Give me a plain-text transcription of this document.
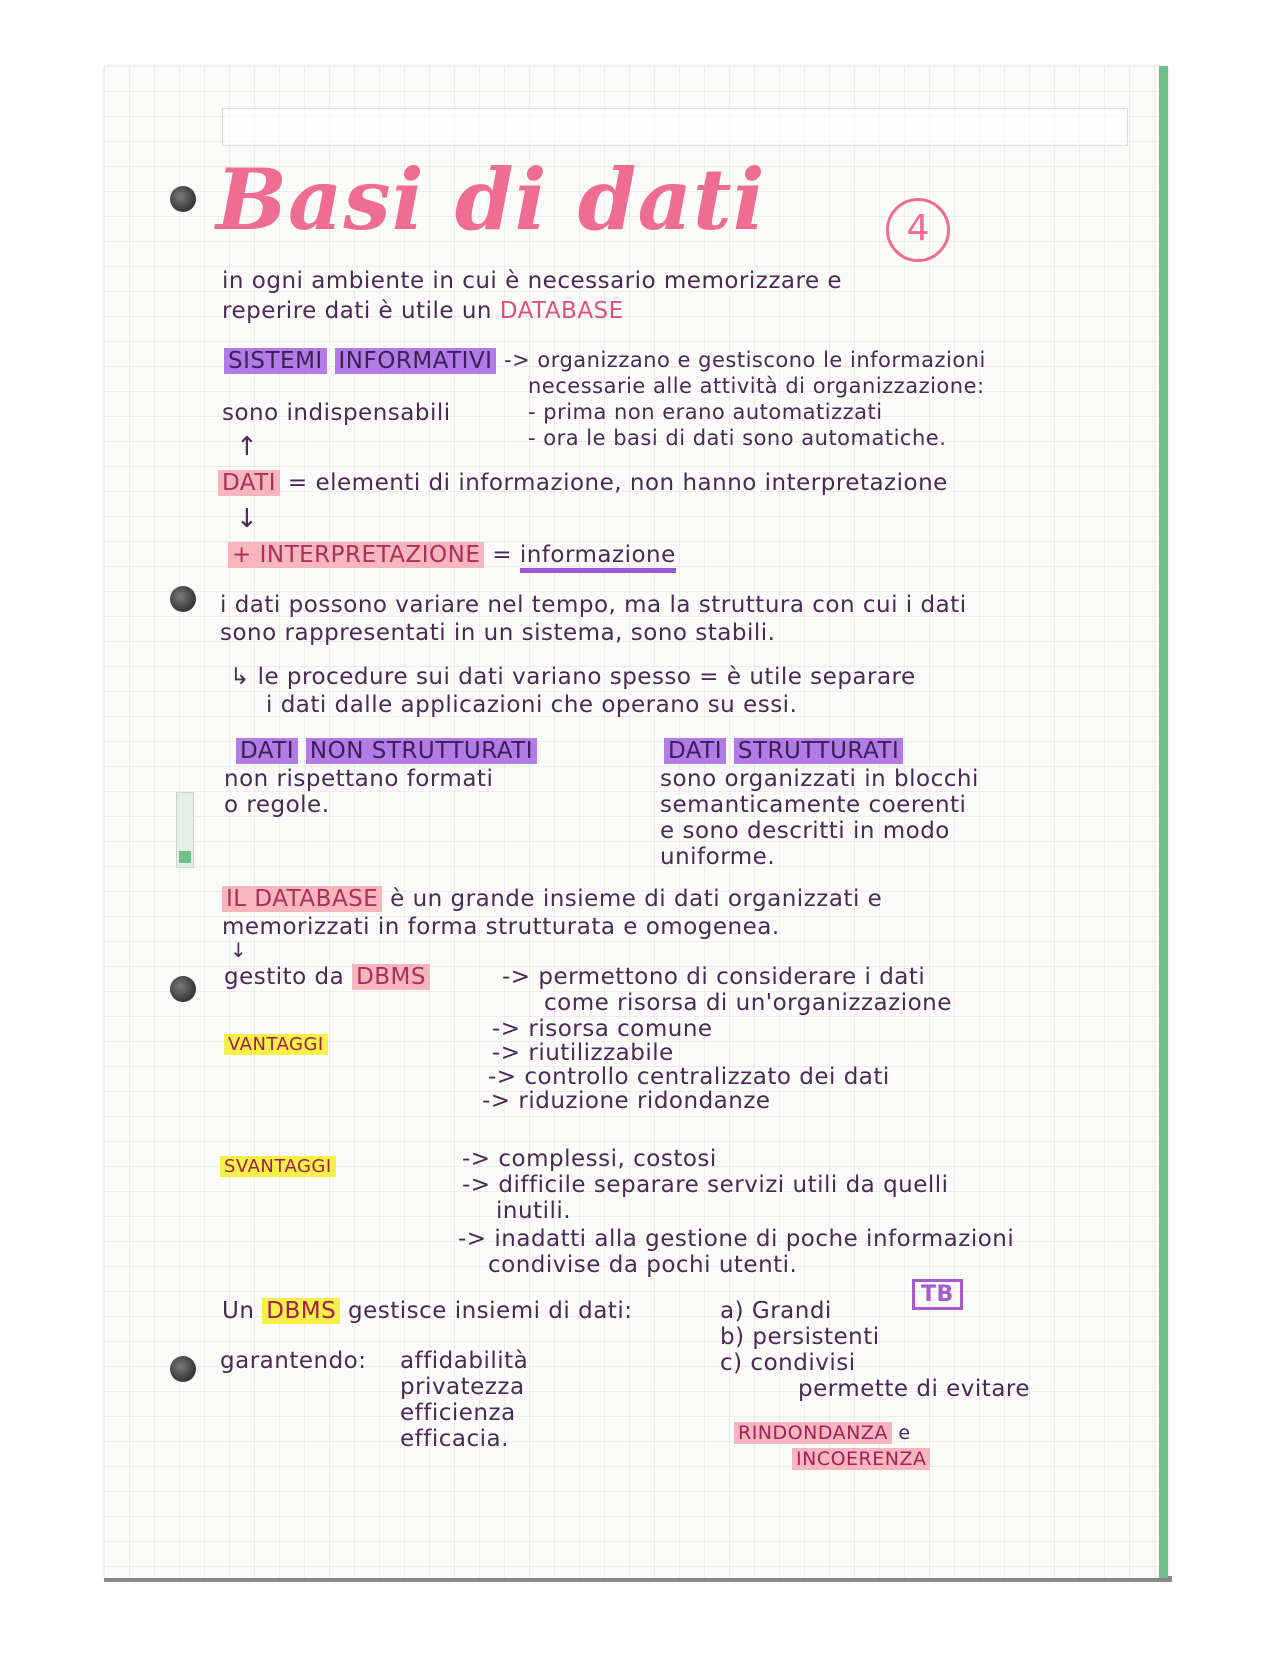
Basi di dati	4
in ogni ambiente in cui è necessario memorizzare e
reperire dati è utile un DATABASE
SISTEMI INFORMATIVI -> organizzano e gestiscono le informazioni
necessarie alle attività di organizzazione:
- prima non erano automatizzati
- ora le basi di dati sono automatiche.
sono indispensabili
↑
DATI = elementi di informazione, non hanno interpretazione
↓
+ INTERPRETAZIONE = informazione
i dati possono variare nel tempo, ma la struttura con cui i dati
sono rappresentati in un sistema, sono stabili.
↳ le procedure sui dati variano spesso = è utile separare
i dati dalle applicazioni che operano su essi.
DATI NON STRUTTURATI
non rispettano formati
o regole.
DATI STRUTTURATI
sono organizzati in blocchi
semanticamente coerenti
e sono descritti in modo
uniforme.
IL DATABASE è un grande insieme di dati organizzati e
memorizzati in forma strutturata e omogenea.
↓
gestito da DBMS	-> permettono di considerare i dati
come risorsa di un'organizzazione
VANTAGGI
-> risorsa comune
-> riutilizzabile
-> controllo centralizzato dei dati
-> riduzione ridondanze
SVANTAGGI	-> complessi, costosi
-> difficile separare servizi utili da quelli
inutili.
-> inadatti alla gestione di poche informazioni
condivise da pochi utenti.
Un DBMS gestisce insiemi di dati:	a) Grandi
b) persistenti
c) condivisi
TB
permette di evitare
garantendo: affidabilità
privatezza
efficienza
efficacia.	RINDONDANZA e
INCOERENZA
